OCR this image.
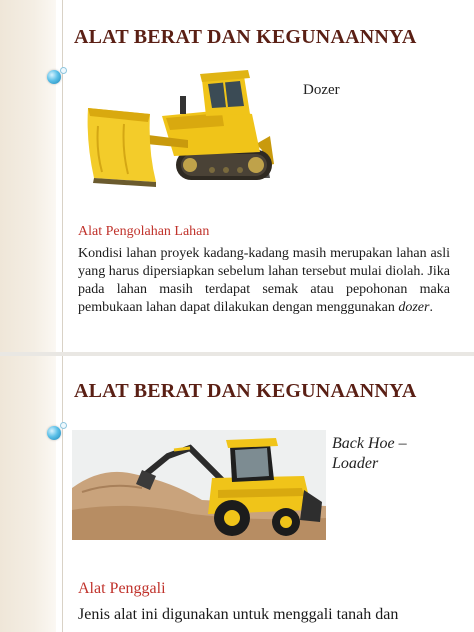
ALAT BERAT DAN KEGUNAANNYA
Dozer
Alat Pengolahan Lahan

Kondisi lahan proyek kadang-kadang masih merupakan lahan asli yang harus dipersiapkan sebelum lahan tersebut mulai diolah. Jika pada lahan masih terdapat semak atau pepohonan maka pembukaan lahan dapat dilakukan dengan menggunakan dozer.

ALAT BERAT DAN KEGUNAANNYA
Back Hoe –
Loader
Alat Penggali

Jenis alat ini digunakan untuk menggali tanah dan
